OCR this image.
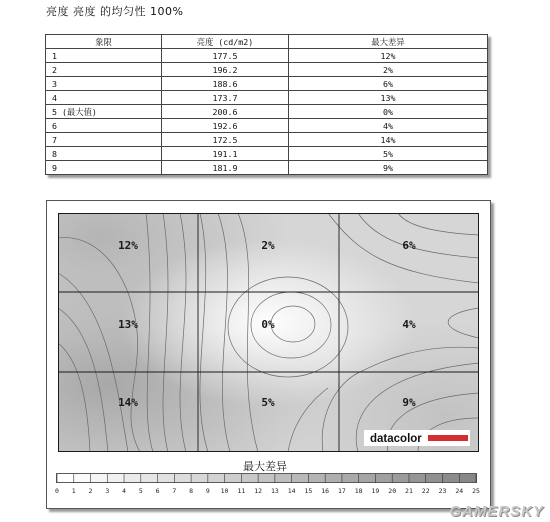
亮度 亮度 的均匀性 100%
象限	亮度 (cd/m2)	最大差异
1	177.5	12%
2	196.2	2%
3	188.6	6%
4	173.7	13%
5 (最大值)	200.6	0%
6	192.6	4%
7	172.5	14%
8	191.1	5%
9	181.9	9%
12%	2%	6%
13%	0%	4%
14%	5%	9%
datacolor
最大差异
0 1 2 3 4 5 6 7 8 9 10 11 12 13 14 15 16 17 18 19 20 21 22 23 24 25
GAMERSKY
